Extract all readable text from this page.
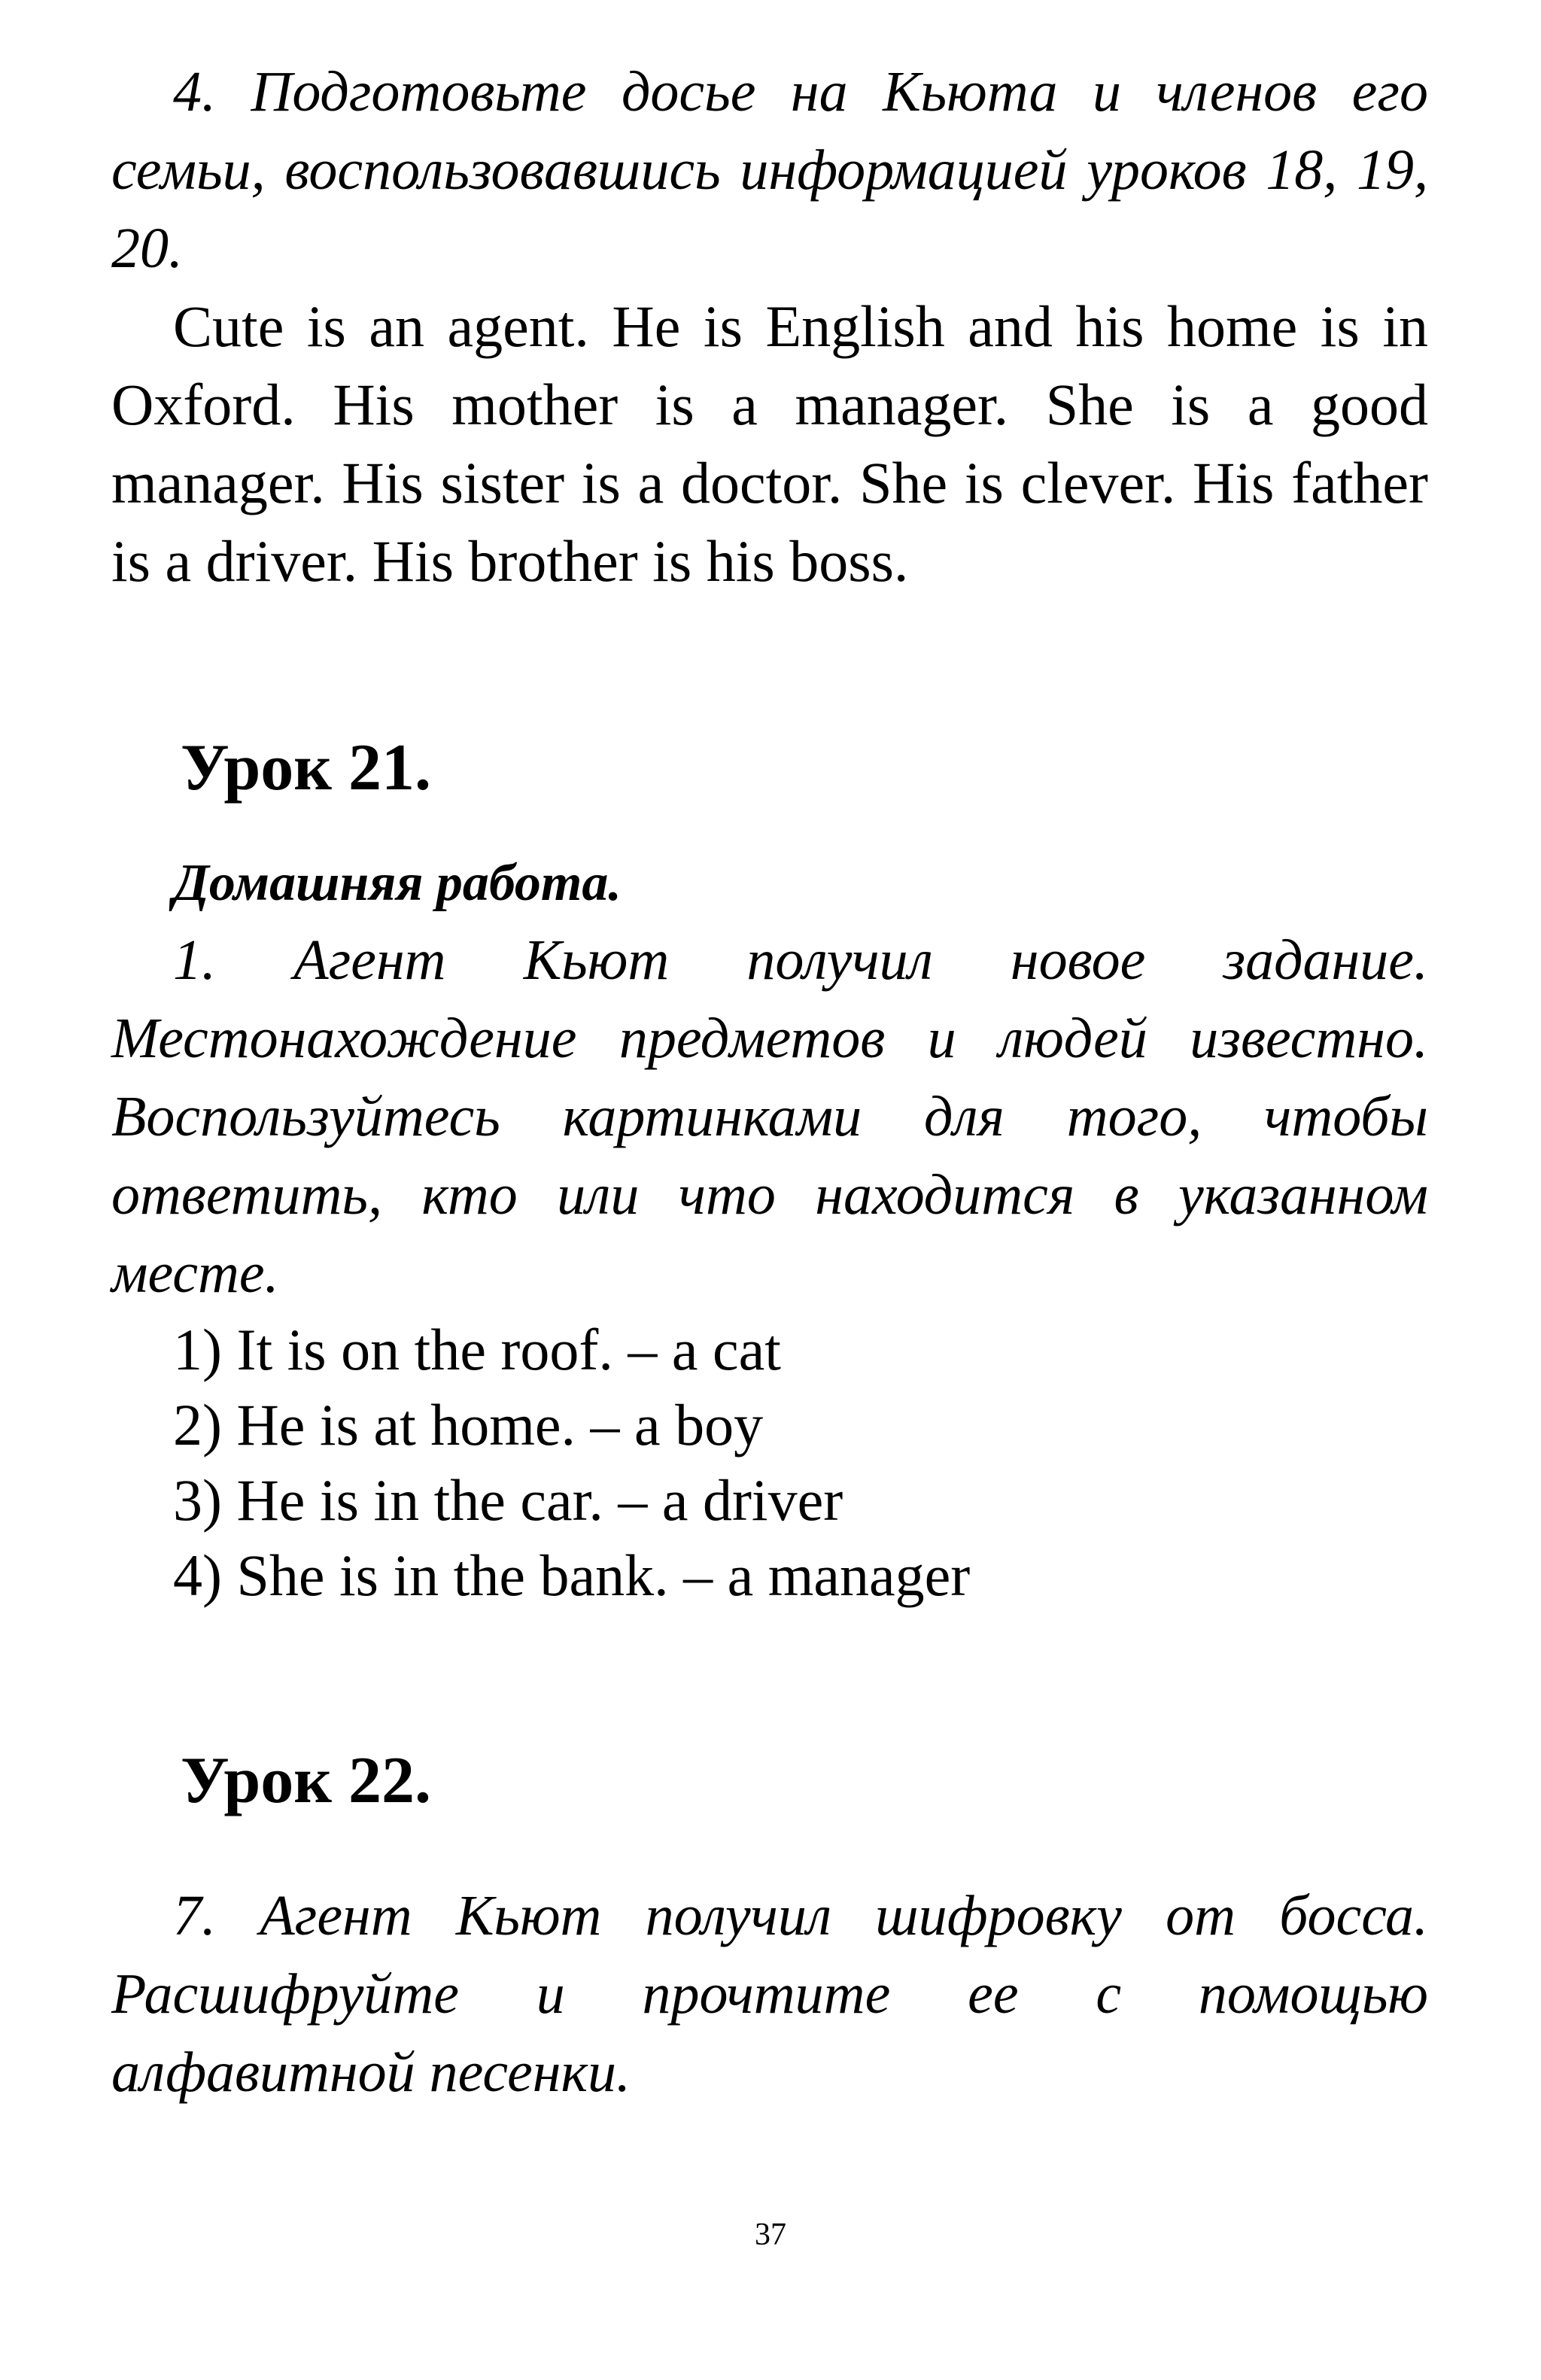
4. Подготовьте досье на Кьюта и членов его семьи, воспользовавшись информацией уроков 18, 19, 20.

Cute is an agent. He is English and his home is in Oxford. His mother is a manager. She is a good manager. His sister is a doctor. She is clever. His father is a driver. His brother is his boss.

Урок 21.

Домашняя работа.

1. Агент Кьют получил новое задание. Местонахождение предметов и людей известно. Воспользуйтесь картинками для того, чтобы ответить, кто или что находится в указанном месте.

1) It is on the roof. – a cat
2) He is at home. – a boy
3) He is in the car. – a driver
4) She is in the bank. – a manager

Урок 22.

7. Агент Кьют получил шифровку от босса. Расшифруйте и прочтите ее с помощью алфавитной песенки.

37
